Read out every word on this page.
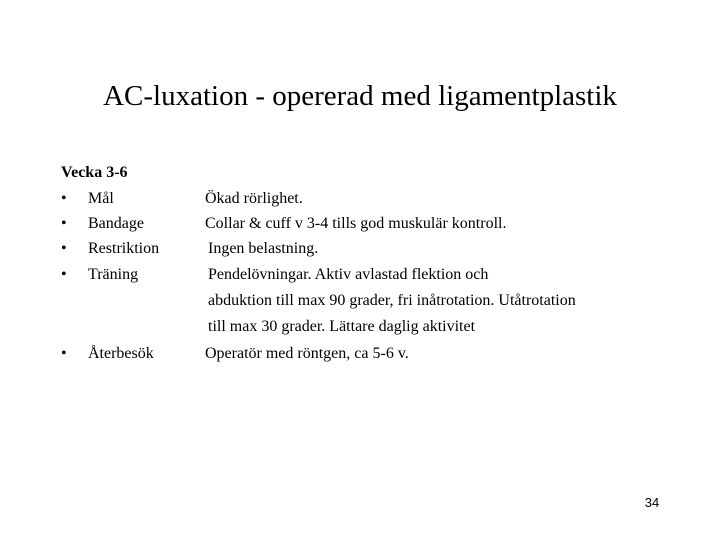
AC-luxation - opererad med ligamentplastik
Vecka 3-6
•	Mål	Ökad rörlighet.
•	Bandage	Collar & cuff v 3-4 tills god muskulär kontroll.
•	Restriktion	Ingen belastning.
•	Träning	Pendelövningar. Aktiv avlastad flektion och
abduktion till max 90 grader, fri inåtrotation. Utåtrotation
till max 30 grader. Lättare daglig aktivitet
•	Återbesök	Operatör med röntgen, ca 5-6 v.
34
